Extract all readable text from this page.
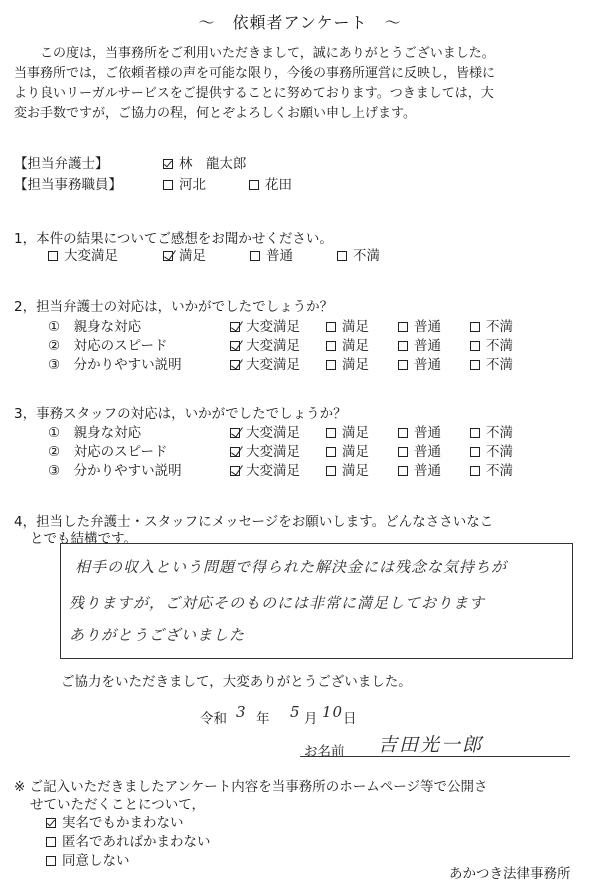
～　依頼者アンケート　～
この度は，当事務所をご利用いただきまして，誠にありがとうございました。
当事務所では，ご依頼者様の声を可能な限り，今後の事務所運営に反映し，皆様に
より良いリーガルサービスをご提供することに努めております。つきましては，大
変お手数ですが，ご協力の程，何とぞよろしくお願い申し上げます。
【担当弁護士】	林　龍太郎
【担当事務職員】	河北	花田
1，本件の結果についてご感想をお聞かせください。
大変満足	満足	普通	不満
2，担当弁護士の対応は，いかがでしたでしょうか？
①　親身な対応	大変満足	満足	普通	不満
②　対応のスピード	大変満足	満足	普通	不満
③　分かりやすい説明	大変満足	満足	普通	不満
3，事務スタッフの対応は，いかがでしたでしょうか？
①　親身な対応	大変満足	満足	普通	不満
②　対応のスピード	大変満足	満足	普通	不満
③　分かりやすい説明	大変満足	満足	普通	不満
4，担当した弁護士・スタッフにメッセージをお願いします。どんなささいなこ
とでも結構です。
相手の収入という問題で得られた解決金には残念な気持ちが
残りますが，ご対応そのものには非常に満足しております
ありがとうございました
ご協力をいただきまして，大変ありがとうございました。
令和 3 年 5 月 10 日
お名前 吉田光一郎
※ ご記入いただきましたアンケート内容を当事務所のホームページ等で公開さ
せていただくことについて，
実名でもかまわない
匿名であればかまわない
同意しない
あかつき法律事務所
